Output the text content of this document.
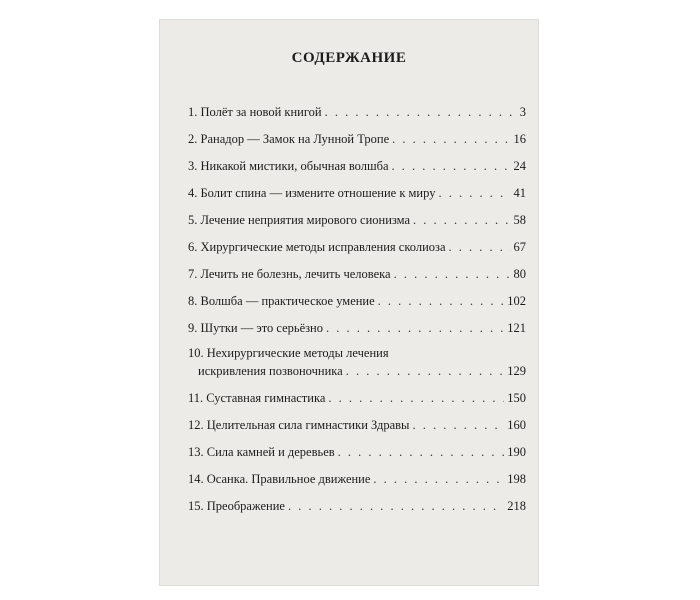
СОДЕРЖАНИЕ
1. Полёт за новой книгой . . .	3
2. Ранадор — Замок на Лунной Тропе . . .	16
3. Никакой мистики, обычная волшба . . .	24
4. Болит спина — измените отношение к миру . . .	41
5. Лечение неприятия мирового сионизма . . .	58
6. Хирургические методы исправления сколиоза . . .	67
7. Лечить не болезнь, лечить человека . . .	80
8. Волшба — практическое умение . . .	102
9. Шутки — это серьёзно . . .	121
10. Нехирургические методы лечения
искривления позвоночника . . .	129
11. Суставная гимнастика . . .	150
12. Целительная сила гимнастики Здравы . . .	160
13. Сила камней и деревьев . . .	190
14. Осанка. Правильное движение . . .	198
15. Преображение . . .	218
